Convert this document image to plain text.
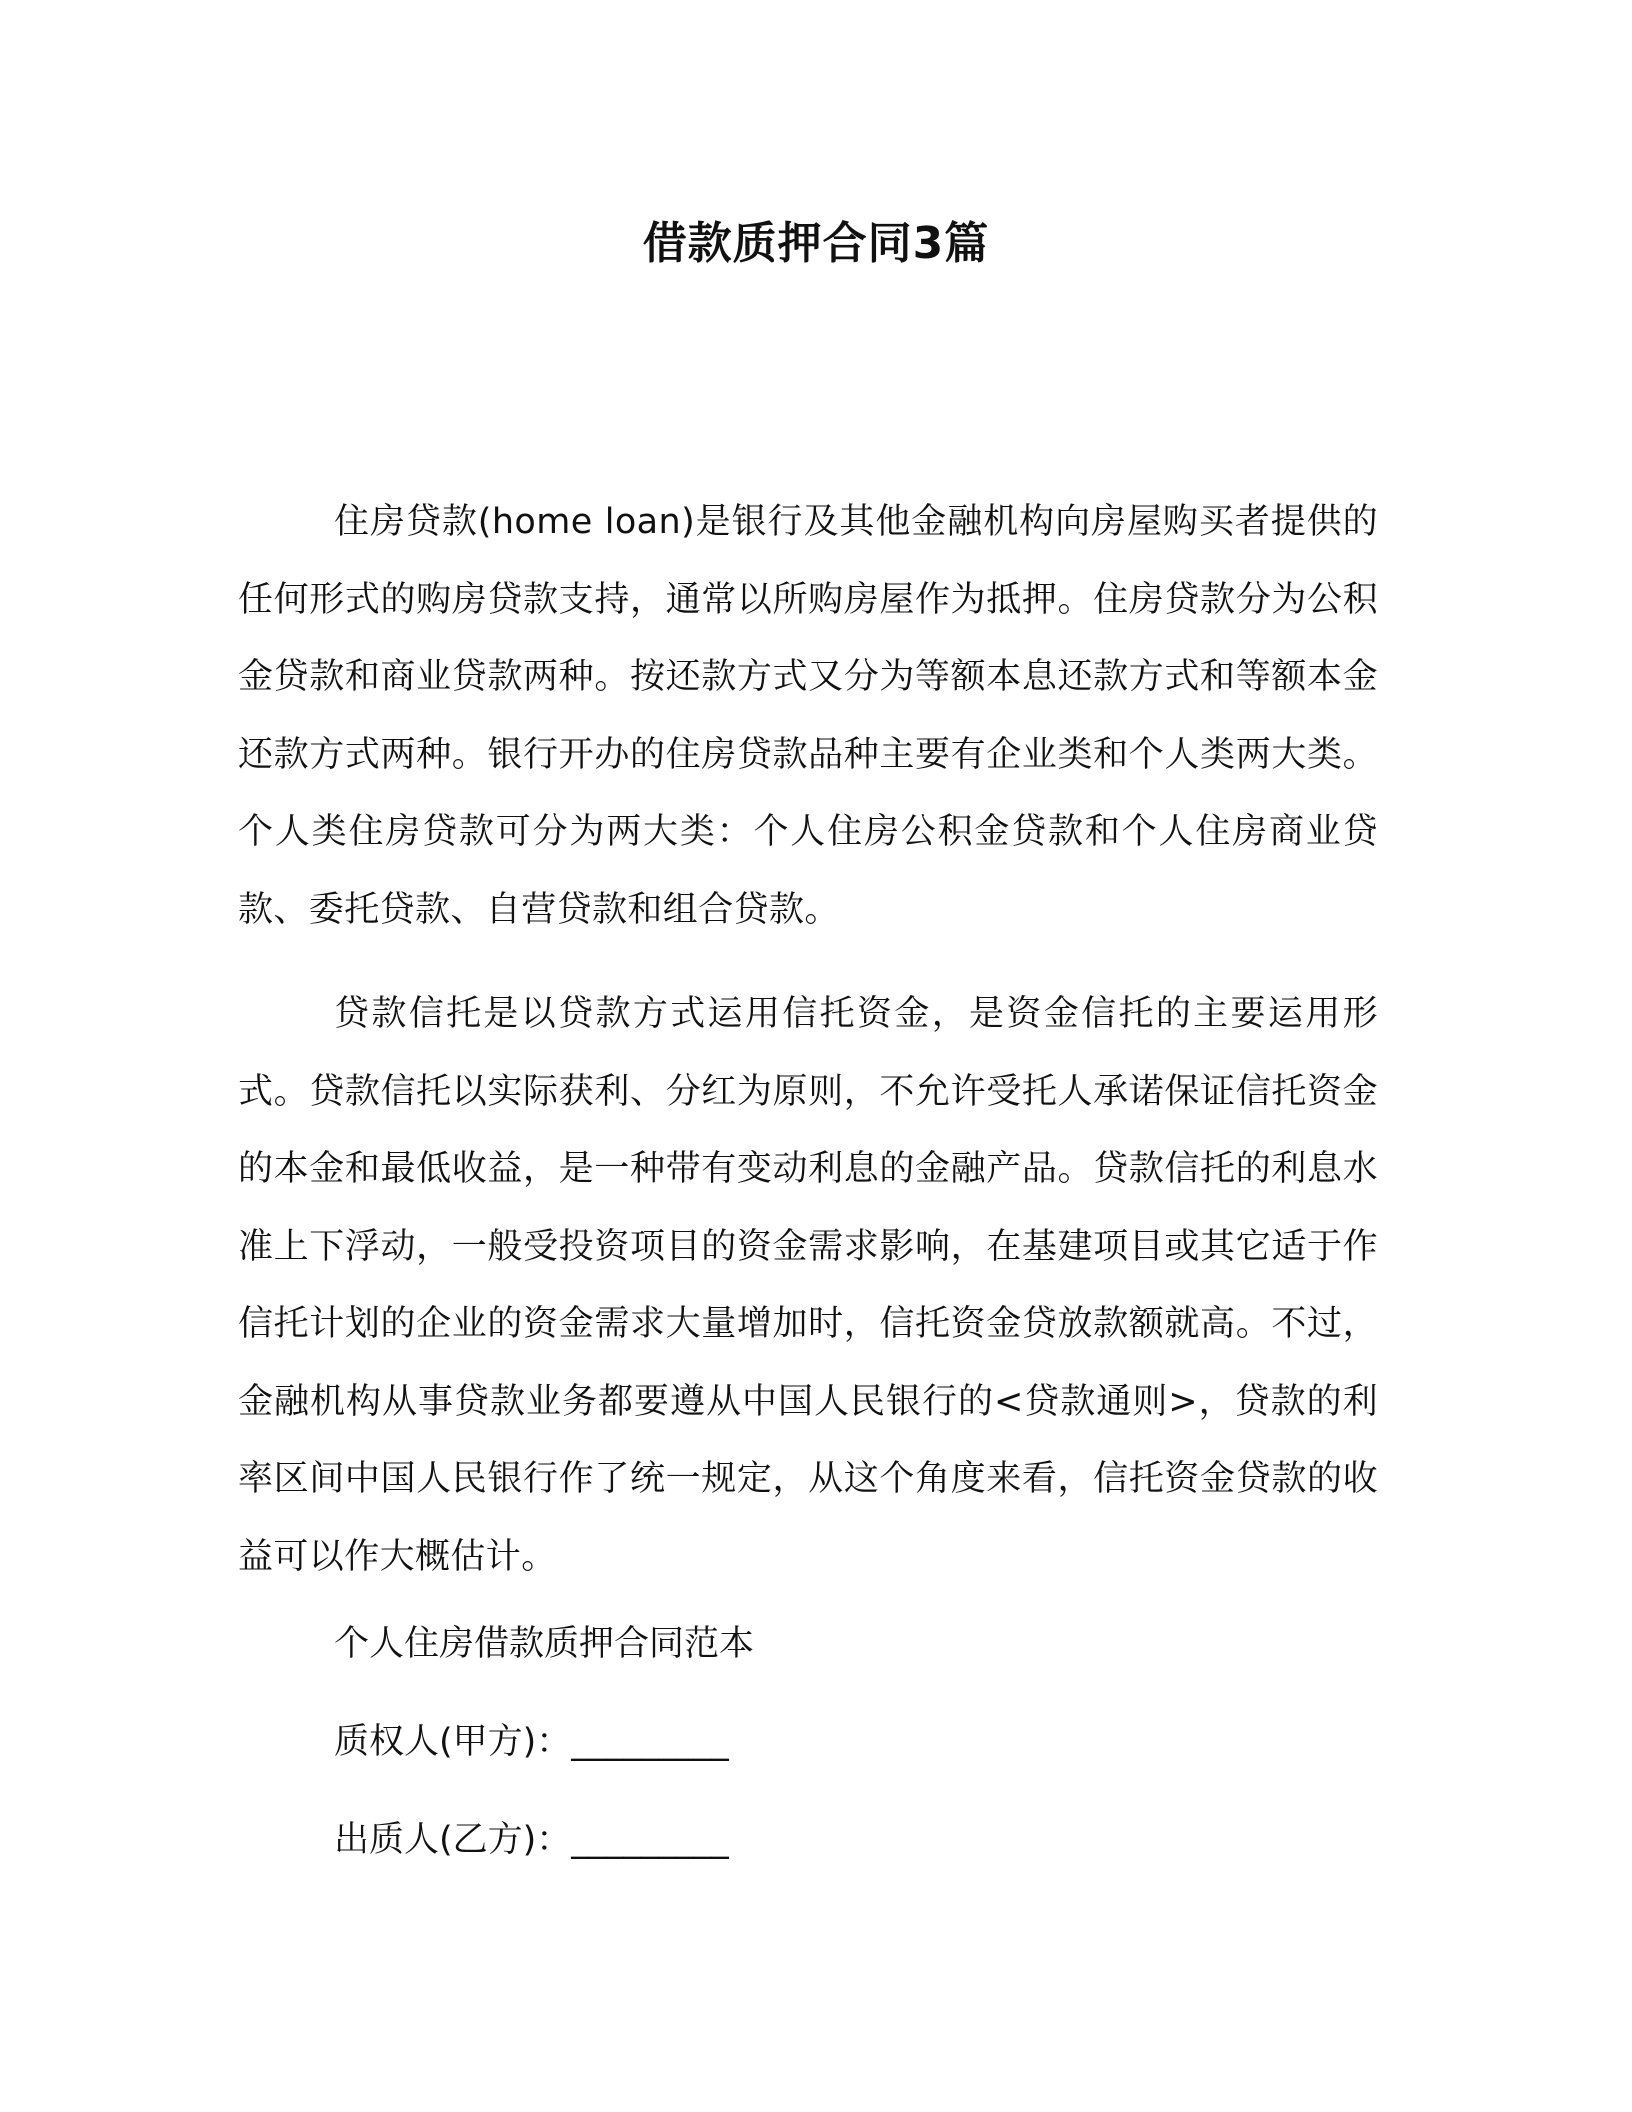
借款质押合同3篇

住房贷款(home loan)是银行及其他金融机构向房屋购买者提供的任何形式的购房贷款支持，通常以所购房屋作为抵押。住房贷款分为公积金贷款和商业贷款两种。按还款方式又分为等额本息还款方式和等额本金还款方式两种。银行开办的住房贷款品种主要有企业类和个人类两大类。个人类住房贷款可分为两大类：个人住房公积金贷款和个人住房商业贷款、委托贷款、自营贷款和组合贷款。

贷款信托是以贷款方式运用信托资金，是资金信托的主要运用形式。贷款信托以实际获利、分红为原则，不允许受托人承诺保证信托资金的本金和最低收益，是一种带有变动利息的金融产品。贷款信托的利息水准上下浮动，一般受投资项目的资金需求影响，在基建项目或其它适于作信托计划的企业的资金需求大量增加时，信托资金贷放款额就高。不过，金融机构从事贷款业务都要遵从中国人民银行的<贷款通则>，贷款的利率区间中国人民银行作了统一规定，从这个角度来看，信托资金贷款的收益可以作大概估计。

个人住房借款质押合同范本
质权人(甲方)：_________
出质人(乙方)：_________
